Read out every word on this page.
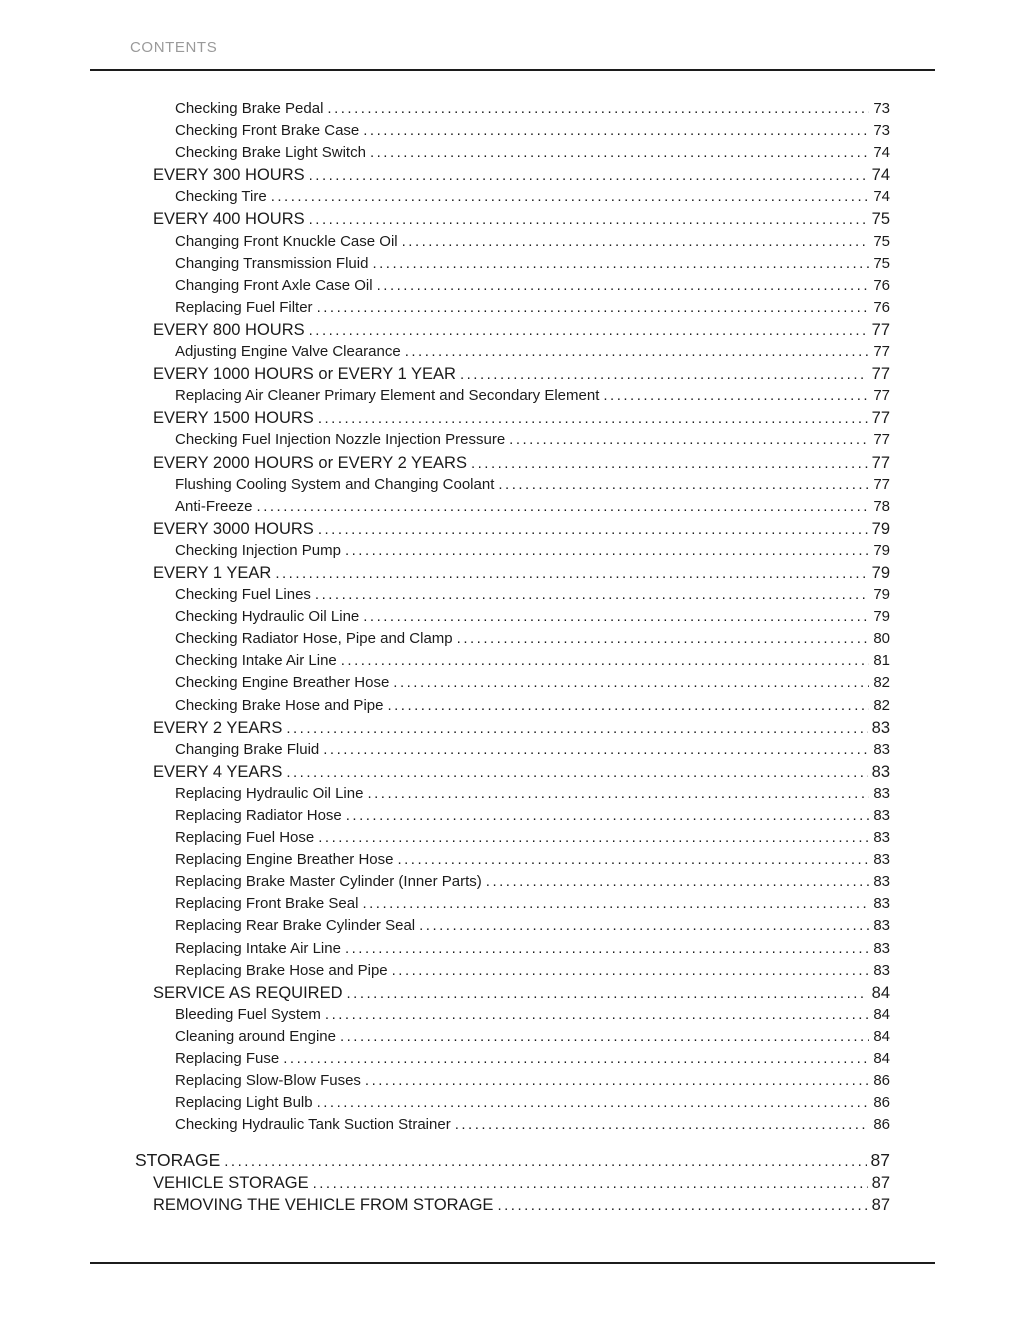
CONTENTS
Checking Brake Pedal .....	73
Checking Front Brake Case .....	73
Checking Brake Light Switch .....	74
EVERY 300 HOURS .....	74
Checking Tire .....	74
EVERY 400 HOURS .....	75
Changing Front Knuckle Case Oil .....	75
Changing Transmission Fluid .....	75
Changing Front Axle Case Oil .....	76
Replacing Fuel Filter .....	76
EVERY 800 HOURS .....	77
Adjusting Engine Valve Clearance .....	77
EVERY 1000 HOURS or EVERY 1 YEAR .....	77
Replacing Air Cleaner Primary Element and Secondary Element .....	77
EVERY 1500 HOURS .....	77
Checking Fuel Injection Nozzle Injection Pressure .....	77
EVERY 2000 HOURS or EVERY 2 YEARS .....	77
Flushing Cooling System and Changing Coolant .....	77
Anti-Freeze .....	78
EVERY 3000 HOURS .....	79
Checking Injection Pump .....	79
EVERY 1 YEAR .....	79
Checking Fuel Lines .....	79
Checking Hydraulic Oil Line .....	79
Checking Radiator Hose, Pipe and Clamp .....	80
Checking Intake Air Line .....	81
Checking Engine Breather Hose .....	82
Checking Brake Hose and Pipe .....	82
EVERY 2 YEARS .....	83
Changing Brake Fluid .....	83
EVERY 4 YEARS .....	83
Replacing Hydraulic Oil Line .....	83
Replacing Radiator Hose .....	83
Replacing Fuel Hose .....	83
Replacing Engine Breather Hose .....	83
Replacing Brake Master Cylinder (Inner Parts) .....	83
Replacing Front Brake Seal .....	83
Replacing Rear Brake Cylinder Seal .....	83
Replacing Intake Air Line .....	83
Replacing Brake Hose and Pipe .....	83
SERVICE AS REQUIRED .....	84
Bleeding Fuel System .....	84
Cleaning around Engine .....	84
Replacing Fuse .....	84
Replacing Slow-Blow Fuses .....	86
Replacing Light Bulb .....	86
Checking Hydraulic Tank Suction Strainer .....	86
STORAGE .....	87
VEHICLE STORAGE .....	87
REMOVING THE VEHICLE FROM STORAGE .....	87
